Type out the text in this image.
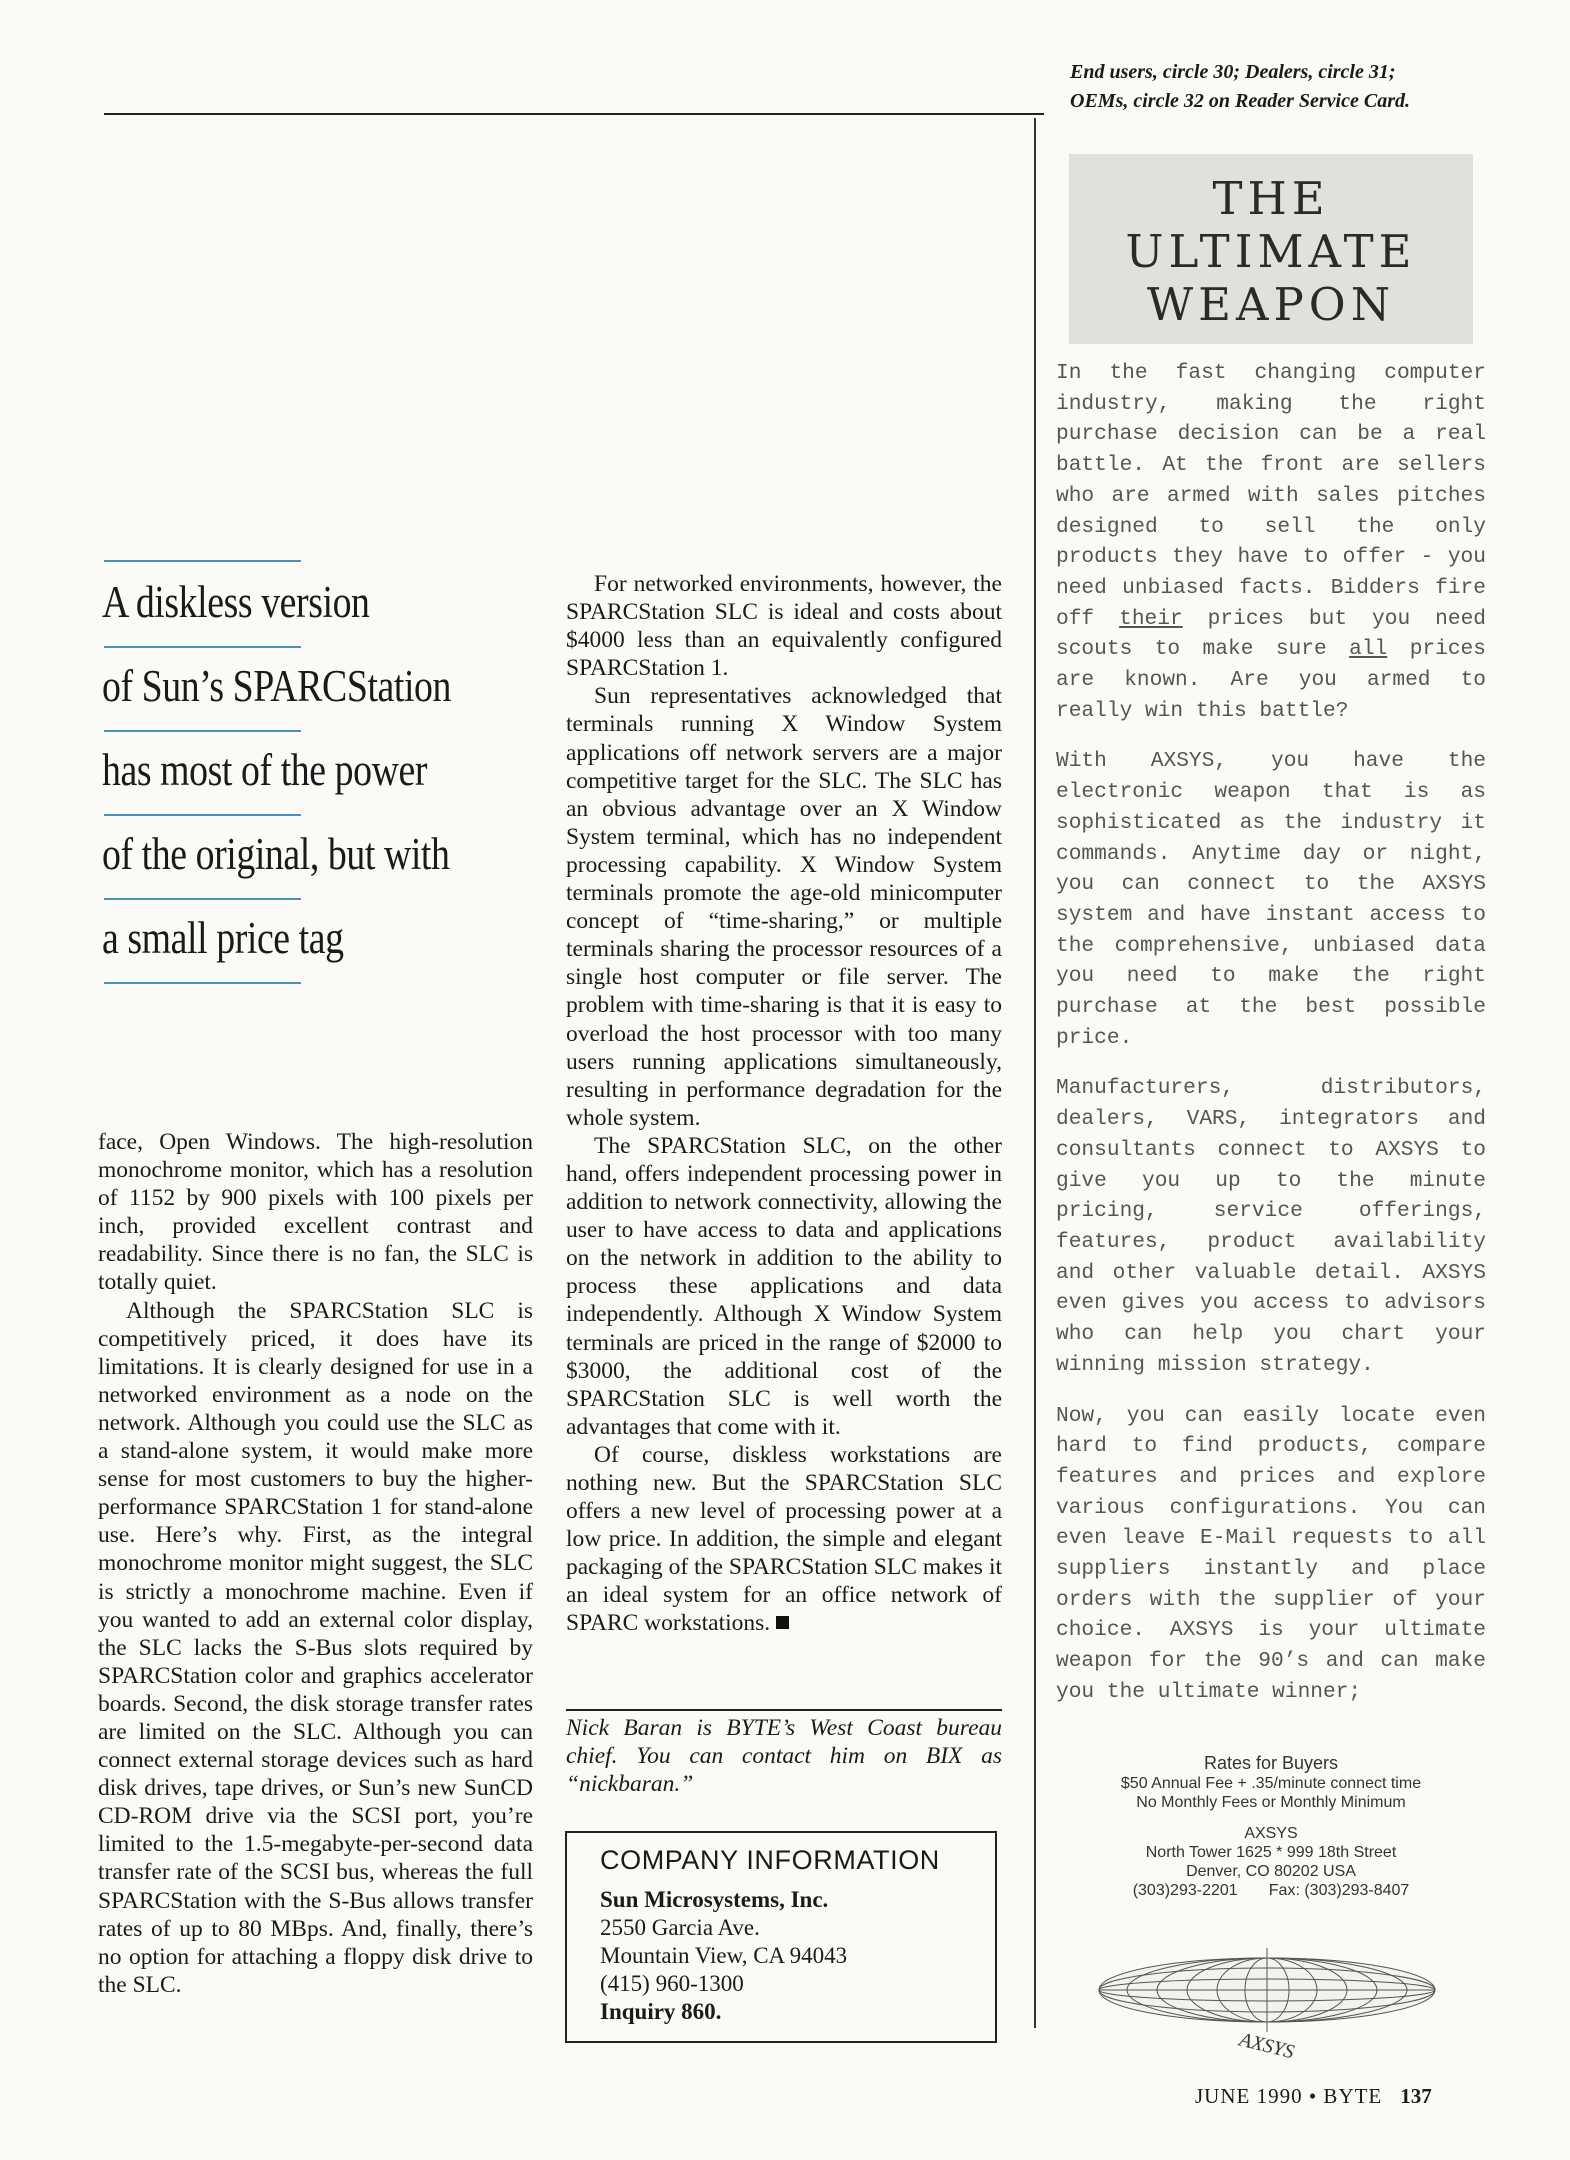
End users, circle 30; Dealers, circle 31;
OEMs, circle 32 on Reader Service Card.
A diskless version
of Sun’s SPARCStation
has most of the power
of the original, but with
a small price tag

face, Open Windows. The high-resolution monochrome monitor, which has a resolution of 1152 by 900 pixels with 100 pixels per inch, provided excellent contrast and readability. Since there is no fan, the SLC is totally quiet.

Although the SPARCStation SLC is competitively priced, it does have its limitations. It is clearly designed for use in a networked environment as a node on the network. Although you could use the SLC as a stand-alone system, it would make more sense for most customers to buy the higher-performance SPARCStation 1 for stand-alone use. Here’s why. First, as the integral monochrome monitor might suggest, the SLC is strictly a monochrome machine. Even if you wanted to add an external color display, the SLC lacks the S-Bus slots required by SPARCStation color and graphics accelerator boards. Second, the disk storage transfer rates are limited on the SLC. Although you can connect external storage devices such as hard disk drives, tape drives, or Sun’s new SunCD CD-ROM drive via the SCSI port, you’re limited to the 1.5-megabyte-per-second data transfer rate of the SCSI bus, whereas the full SPARCStation with the S-Bus allows transfer rates of up to 80 MBps. And, finally, there’s no option for attaching a floppy disk drive to the SLC.

For networked environments, however, the SPARCStation SLC is ideal and costs about $4000 less than an equivalently configured SPARCStation 1.

Sun representatives acknowledged that terminals running X Window System applications off network servers are a major competitive target for the SLC. The SLC has an obvious advantage over an X Window System terminal, which has no independent processing capability. X Window System terminals promote the age-old minicomputer concept of “time-sharing,” or multiple terminals sharing the processor resources of a single host computer or file server. The problem with time-sharing is that it is easy to overload the host processor with too many users running applications simultaneously, resulting in performance degradation for the whole system.

The SPARCStation SLC, on the other hand, offers independent processing power in addition to network connectivity, allowing the user to have access to data and applications on the network in addition to the ability to process these applications and data independently. Although X Window System terminals are priced in the range of $2000 to $3000, the additional cost of the SPARCStation SLC is well worth the advantages that come with it.

Of course, diskless workstations are nothing new. But the SPARCStation SLC offers a new level of processing power at a low price. In addition, the simple and elegant packaging of the SPARCStation SLC makes it an ideal system for an office network of SPARC workstations.

Nick Baran is BYTE’s West Coast bureau chief. You can contact him on BIX as “nickbaran.”
COMPANY INFORMATION
Sun Microsystems, Inc.
2550 Garcia Ave.
Mountain View, CA 94043
(415) 960-1300
Inquiry 860.
THE
ULTIMATE
WEAPON

In the fast changing computer industry, making the right purchase decision can be a real battle. At the front are sellers who are armed with sales pitches designed to sell the only products they have to offer - you need unbiased facts. Bidders fire off their prices but you need scouts to make sure all prices are known. Are you armed to really win this battle?

With AXSYS, you have the electronic weapon that is as sophisticated as the industry it commands. Anytime day or night, you can connect to the AXSYS system and have instant access to the comprehensive, unbiased data you need to make the right purchase at the best possible price.

Manufacturers, distributors, dealers, VARS, integrators and consultants connect to AXSYS to give you up to the minute pricing, service offerings, features, product availability and other valuable detail. AXSYS even gives you access to advisors who can help you chart your winning mission strategy.

Now, you can easily locate even hard to find products, compare features and prices and explore various configurations. You can even leave E-Mail requests to all suppliers instantly and place orders with the supplier of your choice. AXSYS is your ultimate weapon for the 90’s and can make you the ultimate winner;

Rates for Buyers
$50 Annual Fee + .35/minute connect time
No Monthly Fees or Monthly Minimum
AXSYS
North Tower 1625 * 999 18th Street
Denver, CO 80202 USA
(303)293-2201 Fax: (303)293-8407
AXSYS
JUNE 1990 • BYTE 137
